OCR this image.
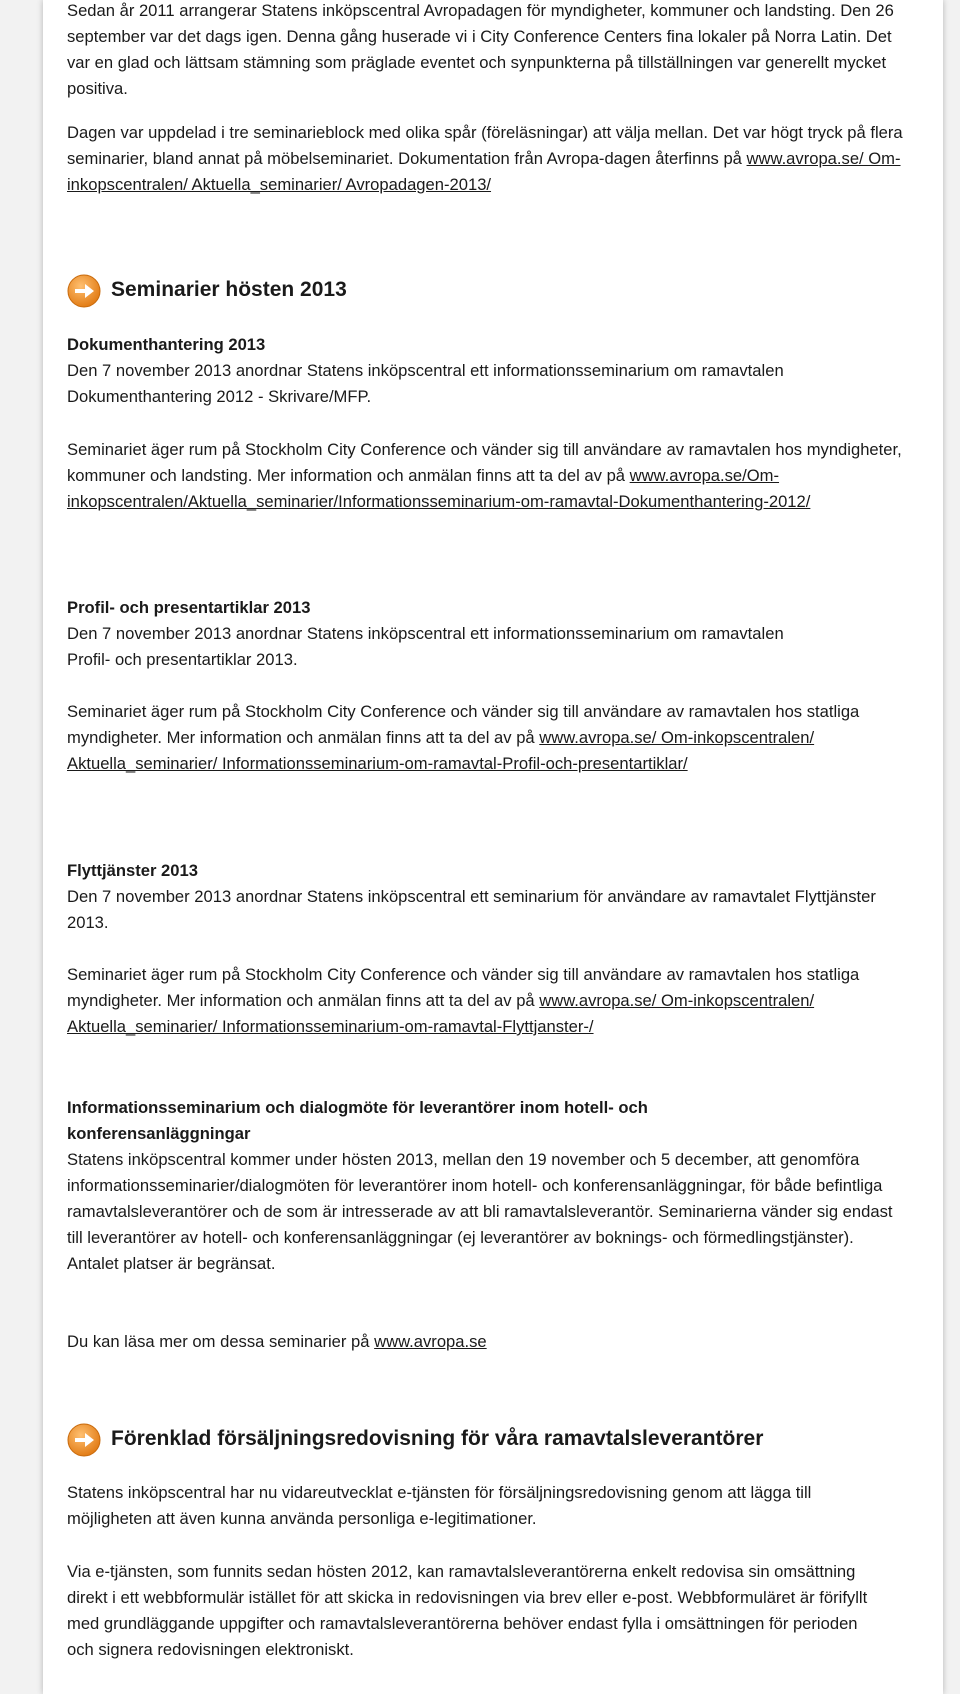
Sedan år 2011 arrangerar Statens inköpscentral Avropadagen för myndigheter, kommuner och landsting. Den 26 september var det dags igen. Denna gång huserade vi i City Conference Centers fina lokaler på Norra Latin. Det var en glad och lättsam stämning som präglade eventet och synpunkterna på tillställningen var generellt mycket positiva.

Dagen var uppdelad i tre seminarieblock med olika spår (föreläsningar) att välja mellan. Det var högt tryck på flera seminarier, bland annat på möbelseminariet. Dokumentation från Avropa-dagen återfinns på www.avropa.se/ Om-inkopscentralen/ Aktuella_seminarier/ Avropadagen-2013/

Seminarier hösten 2013

Dokumenthantering 2013
Den 7 november 2013 anordnar Statens inköpscentral ett informationsseminarium om ramavtalen Dokumenthantering 2012 - Skrivare/MFP.

Seminariet äger rum på Stockholm City Conference och vänder sig till användare av ramavtalen hos myndigheter, kommuner och landsting. Mer information och anmälan finns att ta del av på www.avropa.se/Om-inkopscentralen/Aktuella_seminarier/Informationsseminarium-om-ramavtal-Dokumenthantering-2012/

Profil- och presentartiklar 2013
Den 7 november 2013 anordnar Statens inköpscentral ett informationsseminarium om ramavtalen Profil- och presentartiklar 2013.

Seminariet äger rum på Stockholm City Conference och vänder sig till användare av ramavtalen hos statliga myndigheter. Mer information och anmälan finns att ta del av på www.avropa.se/ Om-inkopscentralen/ Aktuella_seminarier/ Informationsseminarium-om-ramavtal-Profil-och-presentartiklar/

Flyttjänster 2013
Den 7 november 2013 anordnar Statens inköpscentral ett seminarium för användare av ramavtalet Flyttjänster 2013.

Seminariet äger rum på Stockholm City Conference och vänder sig till användare av ramavtalen hos statliga myndigheter. Mer information och anmälan finns att ta del av på www.avropa.se/ Om-inkopscentralen/ Aktuella_seminarier/ Informationsseminarium-om-ramavtal-Flyttjanster-/

Informationsseminarium och dialogmöte för leverantörer inom hotell- och konferensanläggningar
Statens inköpscentral kommer under hösten 2013, mellan den 19 november och 5 december, att genomföra informationsseminarier/dialogmöten för leverantörer inom hotell- och konferensanläggningar, för både befintliga ramavtalsleverantörer och de som är intresserade av att bli ramavtalsleverantör. Seminarierna vänder sig endast till leverantörer av hotell- och konferensanläggningar (ej leverantörer av boknings- och förmedlingstjänster). Antalet platser är begränsat.

Du kan läsa mer om dessa seminarier på www.avropa.se

Förenklad försäljningsredovisning för våra ramavtalsleverantörer

Statens inköpscentral har nu vidareutvecklat e-tjänsten för försäljningsredovisning genom att lägga till möjligheten att även kunna använda personliga e-legitimationer.

Via e-tjänsten, som funnits sedan hösten 2012, kan ramavtalsleverantörerna enkelt redovisa sin omsättning direkt i ett webbformulär istället för att skicka in redovisningen via brev eller e-post. Webbformuläret är förifyllt med grundläggande uppgifter och ramavtalsleverantörerna behöver endast fylla i omsättningen för perioden och signera redovisningen elektroniskt.
